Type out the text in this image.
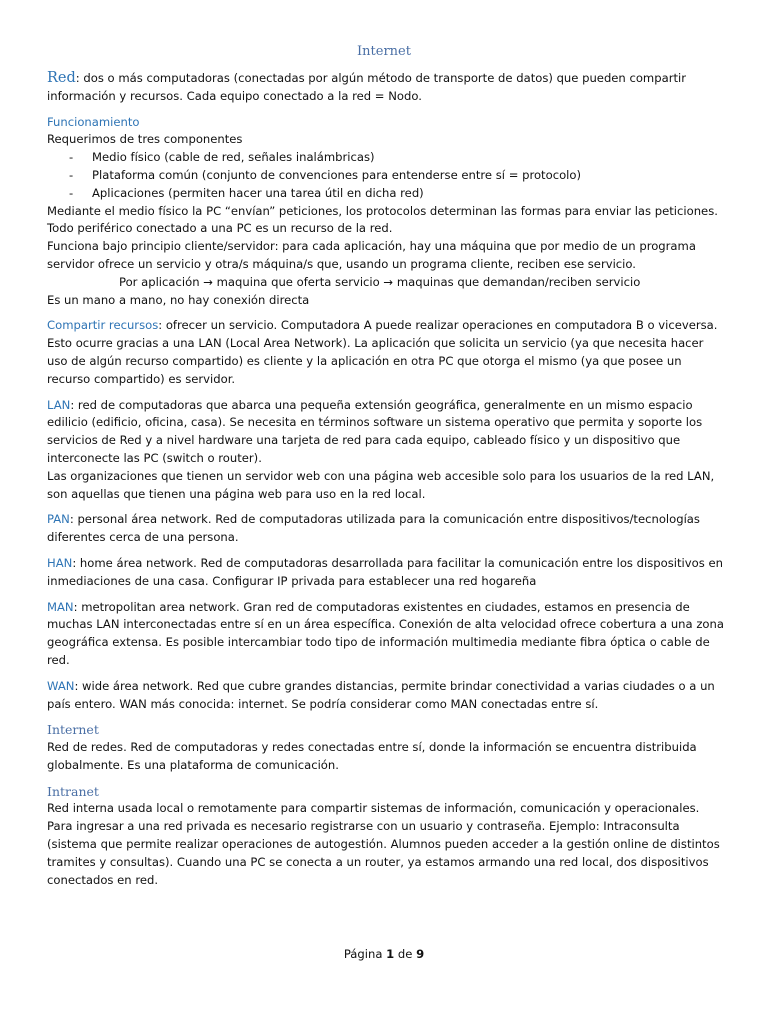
Internet

Red: dos o más computadoras (conectadas por algún método de transporte de datos) que pueden compartir información y recursos. Cada equipo conectado a la red = Nodo.

Funcionamiento

Requerimos de tres componentes

- Medio físico (cable de red, señales inalámbricas)
- Plataforma común (conjunto de convenciones para entenderse entre sí = protocolo)
- Aplicaciones (permiten hacer una tarea útil en dicha red)

Mediante el medio físico la PC “envían” peticiones, los protocolos determinan las formas para enviar las peticiones.

Todo periférico conectado a una PC es un recurso de la red.

Funciona bajo principio cliente/servidor: para cada aplicación, hay una máquina que por medio de un programa servidor ofrece un servicio y otra/s máquina/s que, usando un programa cliente, reciben ese servicio.

Por aplicación → maquina que oferta servicio → maquinas que demandan/reciben servicio

Es un mano a mano, no hay conexión directa

Compartir recursos: ofrecer un servicio. Computadora A puede realizar operaciones en computadora B o viceversa. Esto ocurre gracias a una LAN (Local Area Network). La aplicación que solicita un servicio (ya que necesita hacer uso de algún recurso compartido) es cliente y la aplicación en otra PC que otorga el mismo (ya que posee un recurso compartido) es servidor.

LAN: red de computadoras que abarca una pequeña extensión geográfica, generalmente en un mismo espacio edilicio (edificio, oficina, casa). Se necesita en términos software un sistema operativo que permita y soporte los servicios de Red y a nivel hardware una tarjeta de red para cada equipo, cableado físico y un dispositivo que interconecte las PC (switch o router).

Las organizaciones que tienen un servidor web con una página web accesible solo para los usuarios de la red LAN, son aquellas que tienen una página web para uso en la red local.

PAN: personal área network. Red de computadoras utilizada para la comunicación entre dispositivos/tecnologías diferentes cerca de una persona.

HAN: home área network. Red de computadoras desarrollada para facilitar la comunicación entre los dispositivos en inmediaciones de una casa. Configurar IP privada para establecer una red hogareña

MAN: metropolitan area network. Gran red de computadoras existentes en ciudades, estamos en presencia de muchas LAN interconectadas entre sí en un área específica. Conexión de alta velocidad ofrece cobertura a una zona geográfica extensa. Es posible intercambiar todo tipo de información multimedia mediante fibra óptica o cable de red.

WAN: wide área network. Red que cubre grandes distancias, permite brindar conectividad a varias ciudades o a un país entero. WAN más conocida: internet. Se podría considerar como MAN conectadas entre sí.

Internet

Red de redes. Red de computadoras y redes conectadas entre sí, donde la información se encuentra distribuida globalmente. Es una plataforma de comunicación.

Intranet

Red interna usada local o remotamente para compartir sistemas de información, comunicación y operacionales. Para ingresar a una red privada es necesario registrarse con un usuario y contraseña. Ejemplo: Intraconsulta (sistema que permite realizar operaciones de autogestión. Alumnos pueden acceder a la gestión online de distintos tramites y consultas). Cuando una PC se conecta a un router, ya estamos armando una red local, dos dispositivos conectados en red.

Página 1 de 9
